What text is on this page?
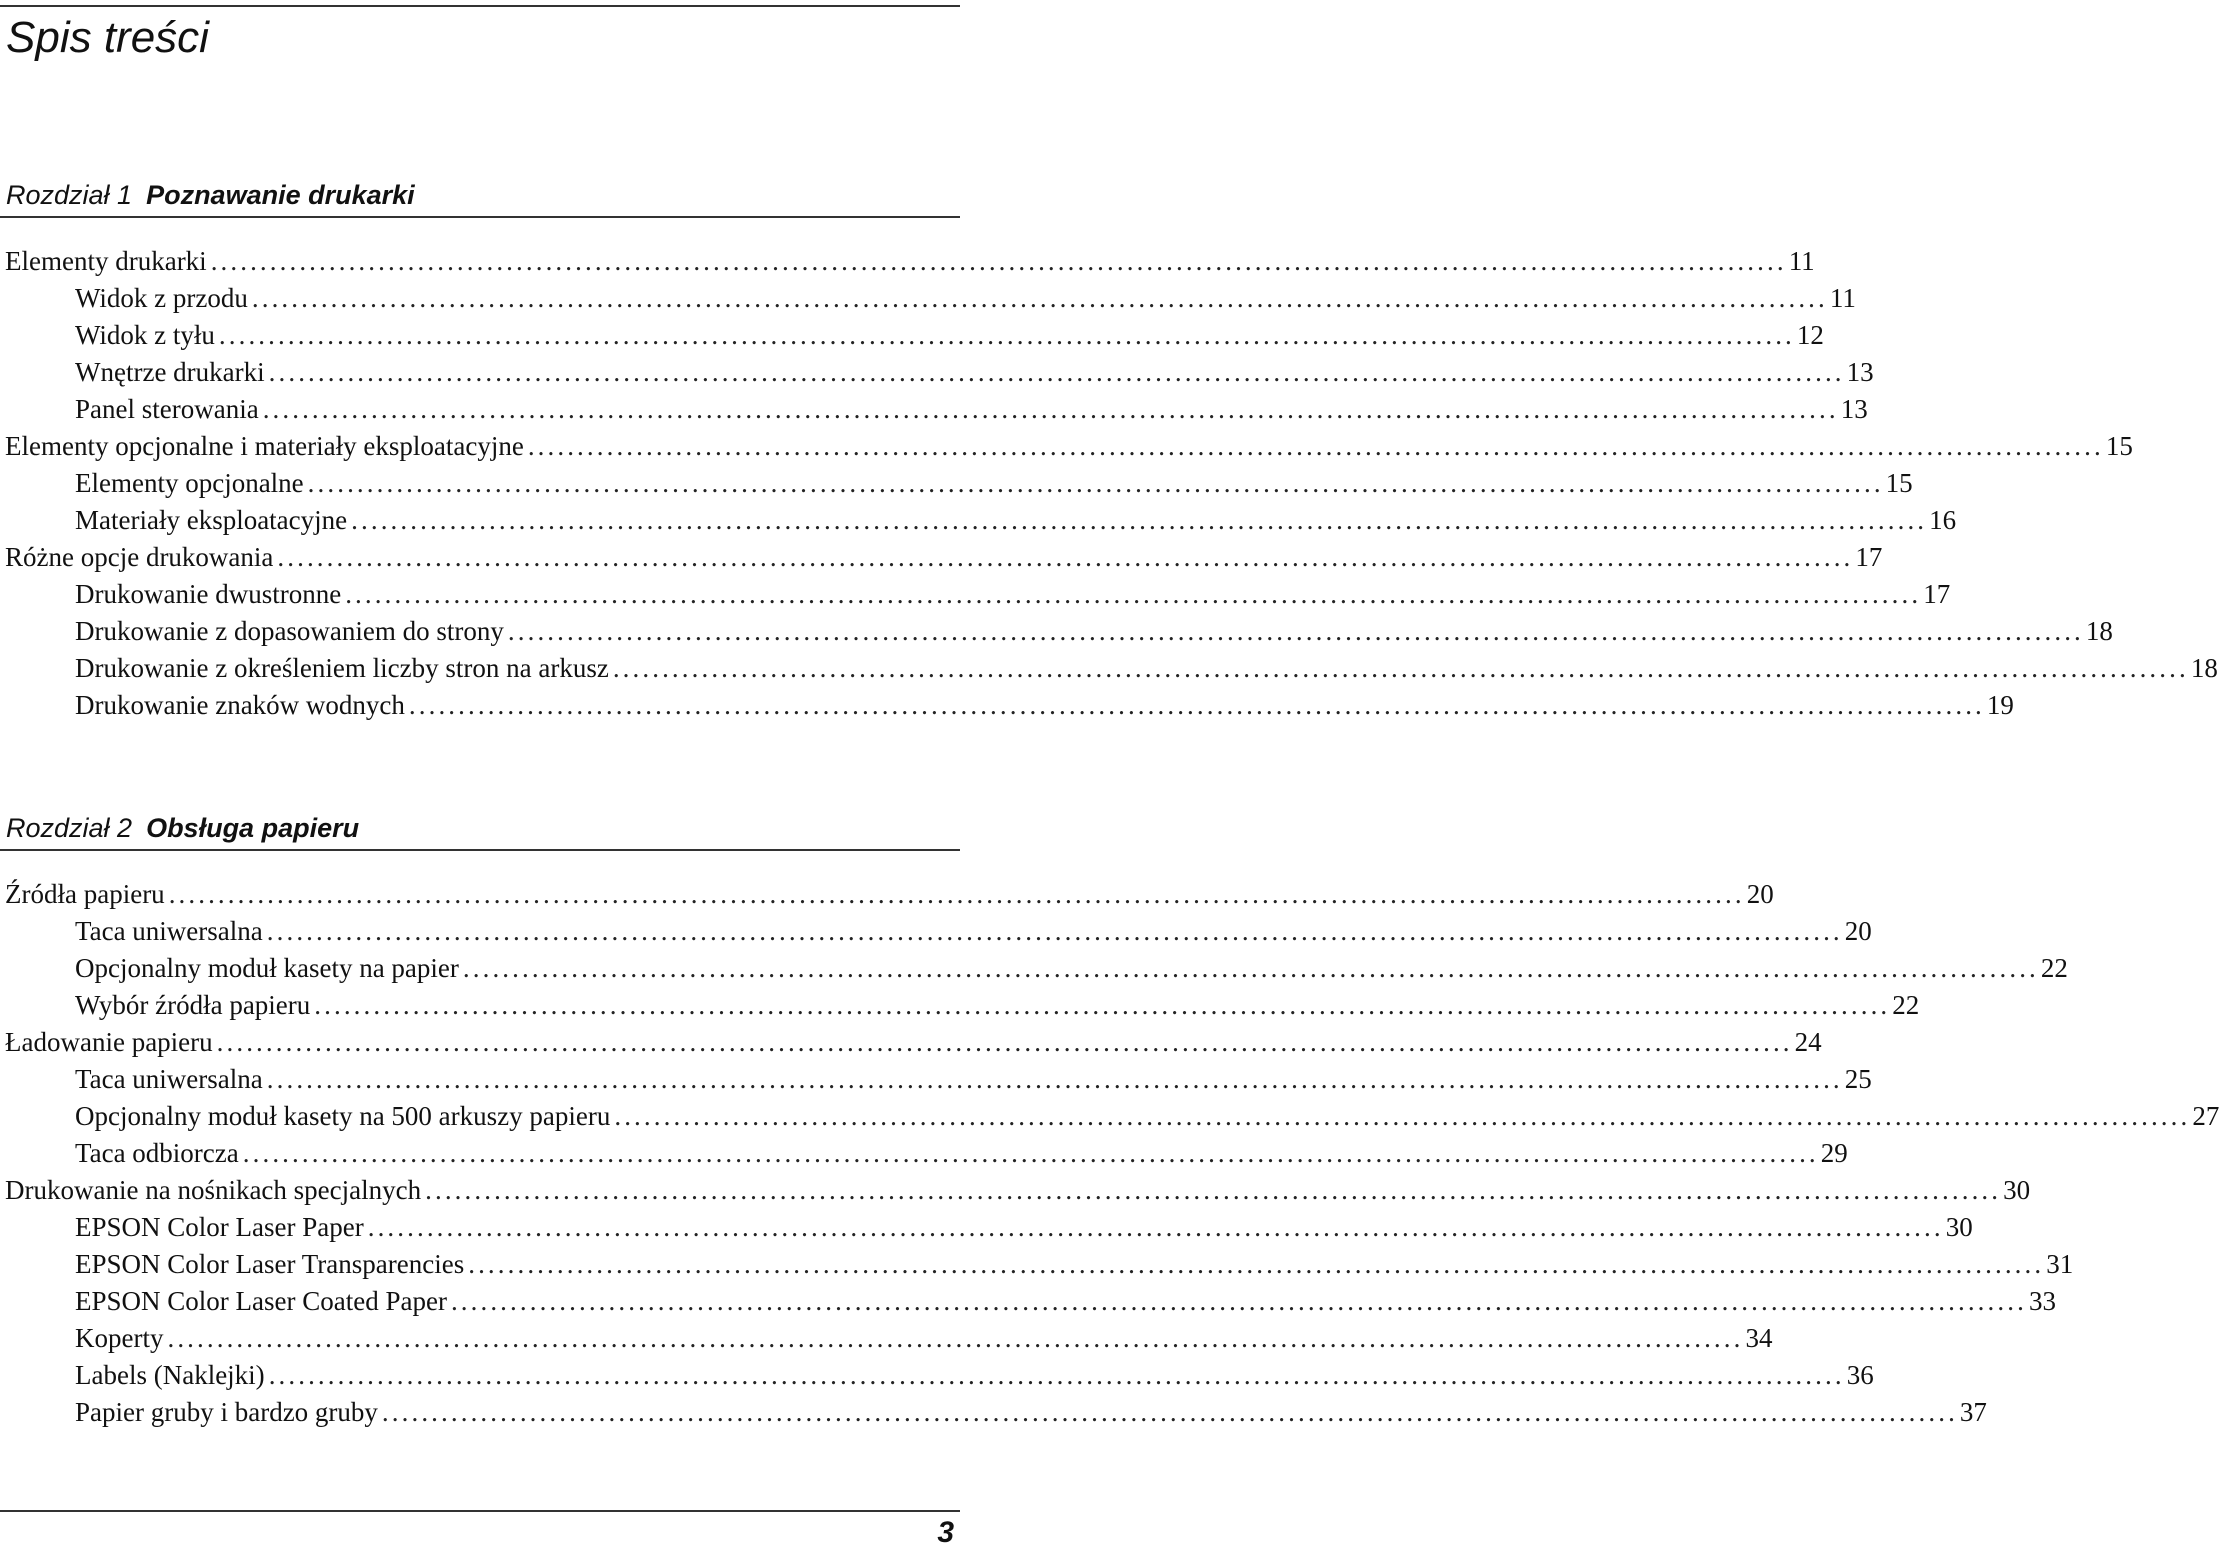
Spis treści
Rozdział 1 Poznawanie drukarki
Elementy drukarki ................................................................................................................................................................ 11
Widok z przodu ................................................................................................................................................................ 11
Widok z tyłu ................................................................................................................................................................ 12
Wnętrze drukarki ................................................................................................................................................................ 13
Panel sterowania ................................................................................................................................................................ 13
Elementy opcjonalne i materiały eksploatacyjne ................................................................................................................................................................ 15
Elementy opcjonalne ................................................................................................................................................................ 15
Materiały eksploatacyjne ................................................................................................................................................................ 16
Różne opcje drukowania ................................................................................................................................................................ 17
Drukowanie dwustronne ................................................................................................................................................................ 17
Drukowanie z dopasowaniem do strony ................................................................................................................................................................ 18
Drukowanie z określeniem liczby stron na arkusz ................................................................................................................................................................ 18
Drukowanie znaków wodnych ................................................................................................................................................................ 19
Rozdział 2 Obsługa papieru
Źródła papieru ................................................................................................................................................................ 20
Taca uniwersalna ................................................................................................................................................................ 20
Opcjonalny moduł kasety na papier ................................................................................................................................................................ 22
Wybór źródła papieru ................................................................................................................................................................ 22
Ładowanie papieru ................................................................................................................................................................ 24
Taca uniwersalna ................................................................................................................................................................ 25
Opcjonalny moduł kasety na 500 arkuszy papieru ................................................................................................................................................................ 27
Taca odbiorcza ................................................................................................................................................................ 29
Drukowanie na nośnikach specjalnych ................................................................................................................................................................ 30
EPSON Color Laser Paper ................................................................................................................................................................ 30
EPSON Color Laser Transparencies ................................................................................................................................................................ 31
EPSON Color Laser Coated Paper ................................................................................................................................................................ 33
Koperty ................................................................................................................................................................ 34
Labels (Naklejki) ................................................................................................................................................................ 36
Papier gruby i bardzo gruby ................................................................................................................................................................ 37
3
